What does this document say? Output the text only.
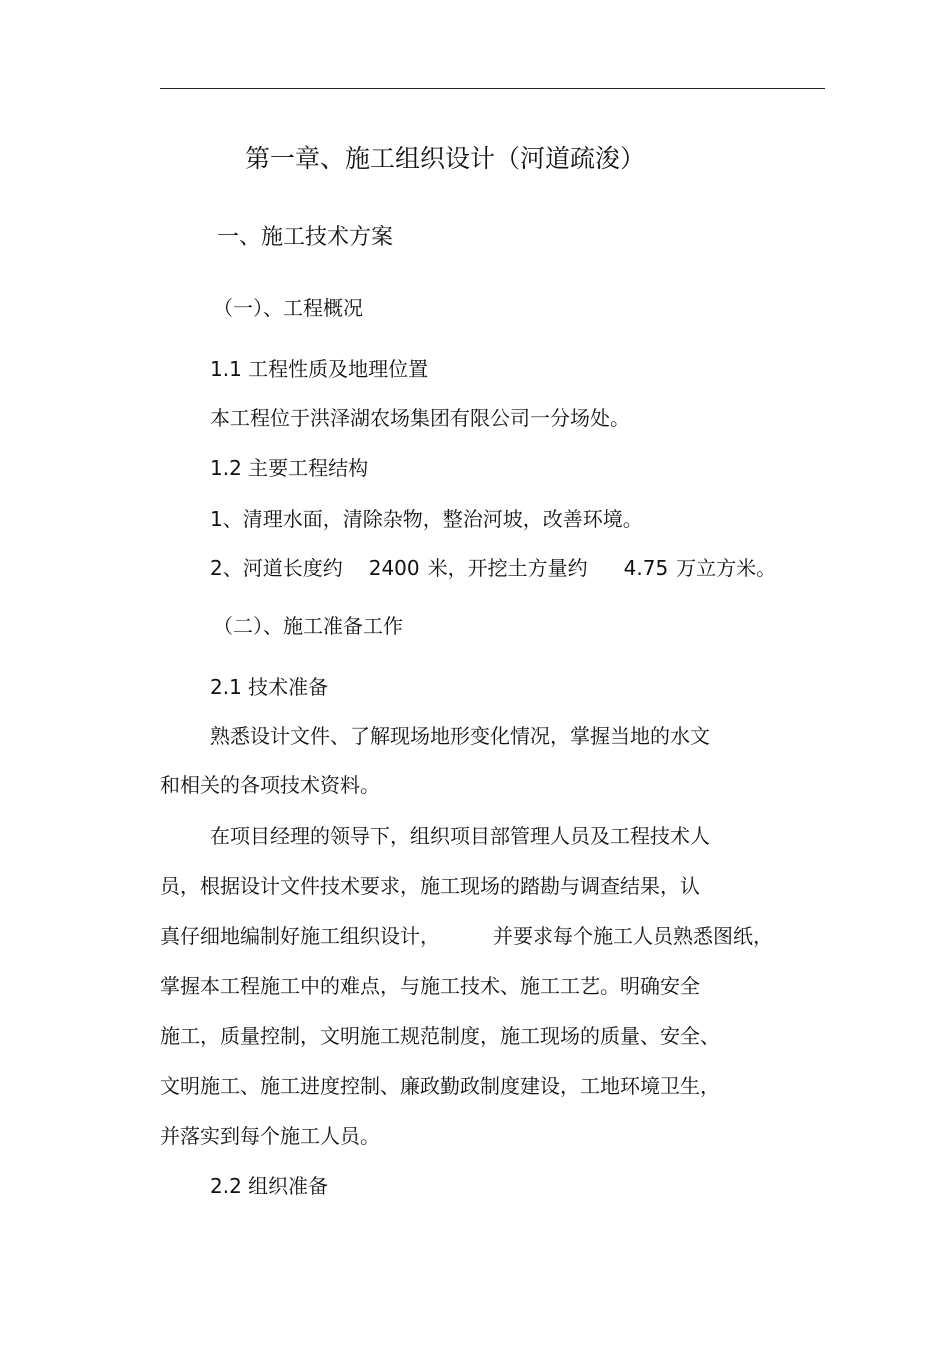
第一章、施工组织设计（河道疏浚）
一、施工技术方案

（一）、工程概况

1.1 工程性质及地理位置

本工程位于洪泽湖农场集团有限公司一分场处。

1.2 主要工程结构

1、清理水面，清除杂物，整治河坡，改善环境。

2、河道长度约 2400 米，开挖土方量约 4.75 万立方米。

（二）、施工准备工作

2.1 技术准备

熟悉设计文件、了解现场地形变化情况，掌握当地的水文

和相关的各项技术资料。

在项目经理的领导下，组织项目部管理人员及工程技术人

员，根据设计文件技术要求，施工现场的踏勘与调查结果，认

真仔细地编制好施工组织设计，	并要求每个施工人员熟悉图纸，

掌握本工程施工中的难点，与施工技术、施工工艺。明确安全

施工，质量控制，文明施工规范制度，施工现场的质量、安全、

文明施工、施工进度控制、廉政勤政制度建设，工地环境卫生，

并落实到每个施工人员。

2.2 组织准备
